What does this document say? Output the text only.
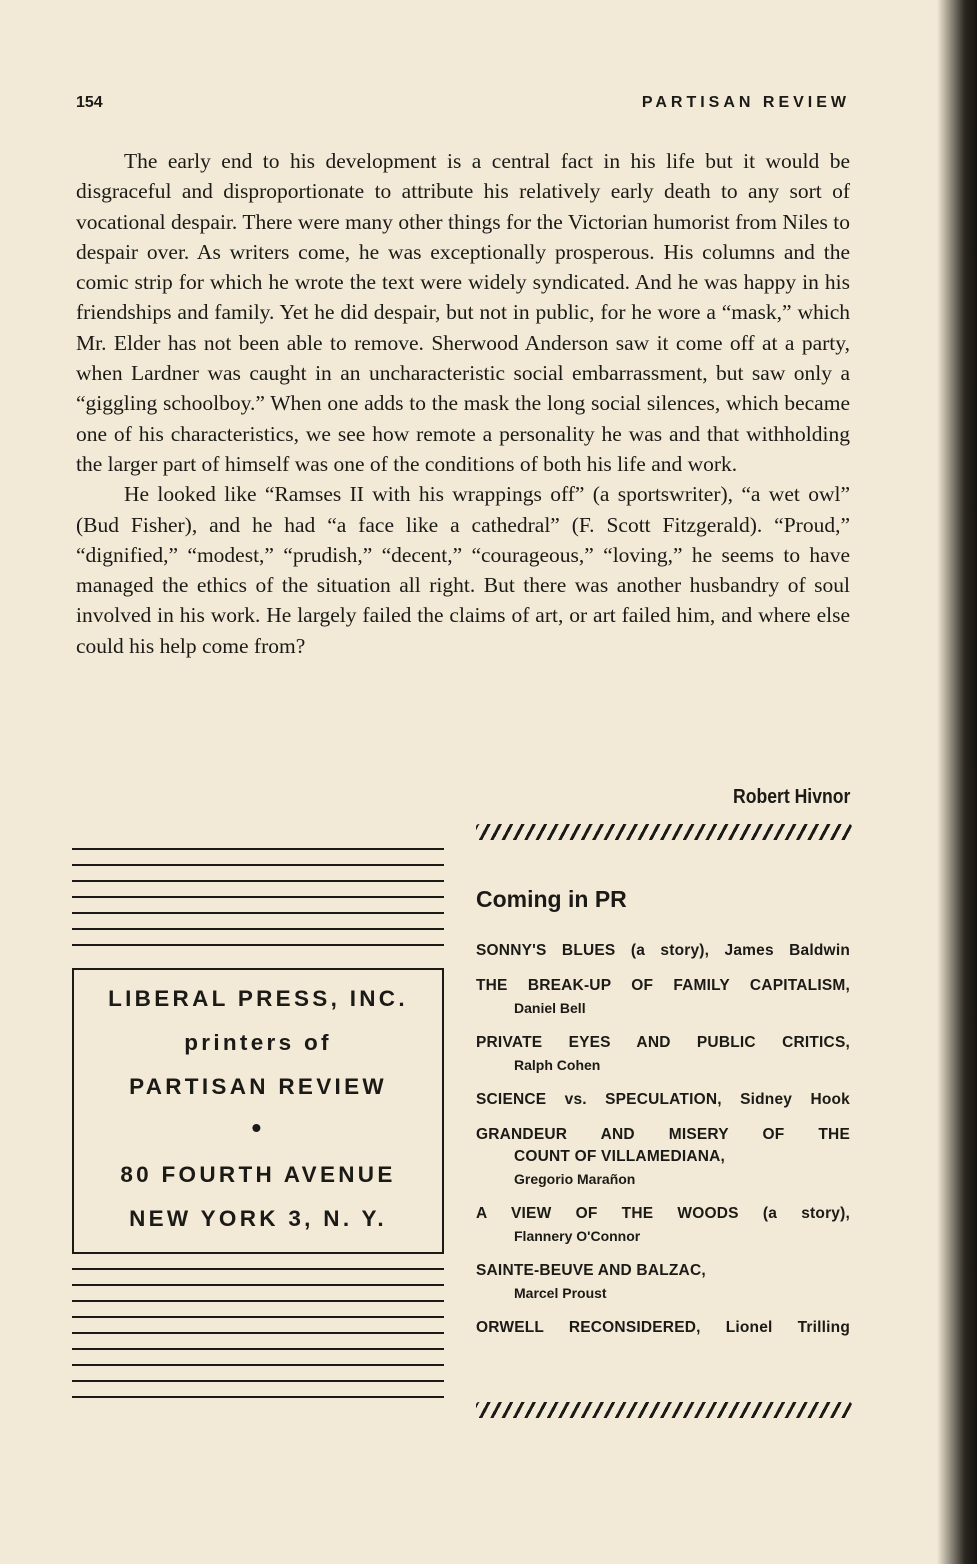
154	PARTISAN REVIEW

The early end to his development is a central fact in his life but it would be disgraceful and disproportionate to attribute his relatively early death to any sort of vocational despair. There were many other things for the Victorian humorist from Niles to despair over. As writers come, he was exceptionally prosperous. His columns and the comic strip for which he wrote the text were widely syndicated. And he was happy in his friendships and family. Yet he did despair, but not in public, for he wore a “mask,” which Mr. Elder has not been able to remove. Sherwood Anderson saw it come off at a party, when Lardner was caught in an uncharacteristic social embarrassment, but saw only a “giggling schoolboy.” When one adds to the mask the long social silences, which became one of his characteristics, we see how remote a personality he was and that withholding the larger part of himself was one of the conditions of both his life and work.

He looked like “Ramses II with his wrappings off” (a sportswriter), “a wet owl” (Bud Fisher), and he had “a face like a cathedral” (F. Scott Fitzgerald). “Proud,” “dignified,” “modest,” “prudish,” “decent,” “courageous,” “loving,” he seems to have managed the ethics of the situation all right. But there was another husbandry of soul involved in his work. He largely failed the claims of art, or art failed him, and where else could his help come from?

Robert Hivnor
LIBERAL PRESS, INC.
printers of
PARTISAN REVIEW
•
80 FOURTH AVENUE
NEW YORK 3, N. Y.
Coming in PR
SONNY'S BLUES (a story), James Baldwin
THE BREAK-UP OF FAMILY CAPITALISM,
Daniel Bell
PRIVATE EYES AND PUBLIC CRITICS,
Ralph Cohen
SCIENCE vs. SPECULATION, Sidney Hook
GRANDEUR AND MISERY OF THE
COUNT OF VILLAMEDIANA,
Gregorio Marañon
A VIEW OF THE WOODS (a story),
Flannery O'Connor
SAINTE-BEUVE AND BALZAC,
Marcel Proust
ORWELL RECONSIDERED, Lionel Trilling
